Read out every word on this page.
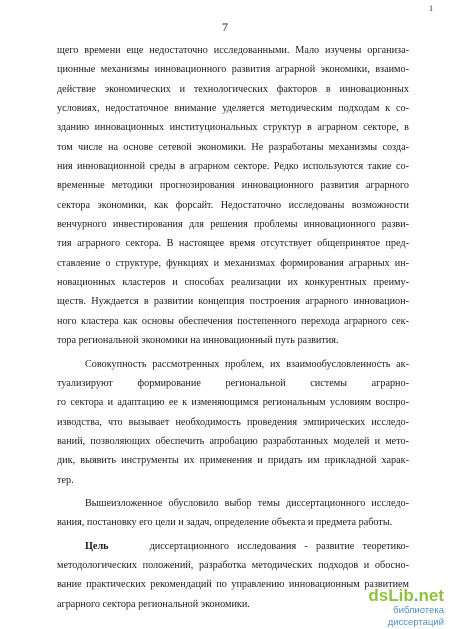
1
7
щего времени еще недостаточно исследованными. Мало изучены организа-
ционные механизмы инновационного развития аграрной экономики, взаимо-
действие экономических и технологических факторов в инновационных
условиях, недостаточное внимание уделяется методическим подходам к со-
зданию инновационных институциональных структур в аграрном секторе, в
том числе на основе сетевой экономики. Не разработаны механизмы созда-
ния инновационной среды в аграрном секторе. Редко используются такие со-
временные методики прогнозирования инновационного развития аграрного
сектора экономики, как форсайт. Недостаточно исследованы возможности
венчурного инвестирования для решения проблемы инновационного разви-
тия аграрного сектора. В настоящее время отсутствует общепринятое пред-
ставление о структуре, функциях и механизмах формирования аграрных ин-
новационных кластеров и способах реализации их конкурентных преиму-
ществ. Нуждается в развитии концепция построения аграрного инновацион-
ного кластера как основы обеспечения постепенного перехода аграрного сек-
тора региональной экономики на инновационный путь развития.
Совокупность рассмотренных проблем, их взаимообусловленность ак-
туализируют формирование региональной системы аграрно-
го сектора и адаптацию ее к изменяющимся региональным условиям воспро-
изводства, что вызывает необходимость проведения эмпирических исследо-
ваний, позволяющих обеспечить апробацию разработанных моделей и мето-
дик, выявить инструменты их применения и придать им прикладной харак-
тер.
Вышеизложенное обусловило выбор темы диссертационного исследо-
вания, постановку его цели и задач, определение объекта и предмета работы.
Цель	диссертационного исследования - развитие теоретико-
методологических положений, разработка методических подходов и обосно-
вание практических рекомендаций по управлению инновационным развитием
аграрного сектора региональной экономики.	dsLib.net
библиотека диссертаций
